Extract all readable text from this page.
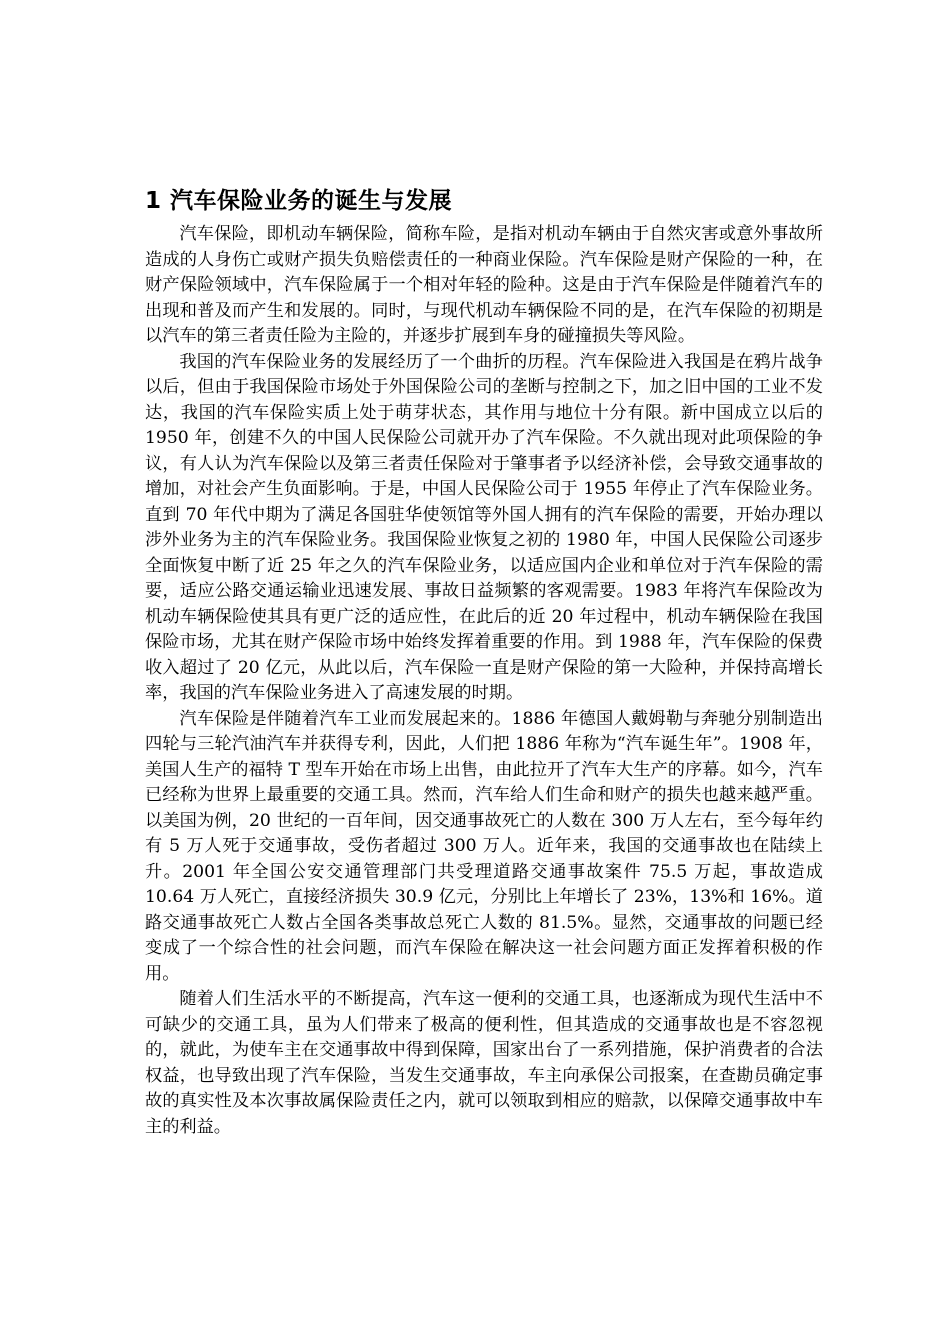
1 汽车保险业务的诞生与发展

汽车保险，即机动车辆保险，简称车险，是指对机动车辆由于自然灾害或意外事故所造成的人身伤亡或财产损失负赔偿责任的一种商业保险。汽车保险是财产保险的一种，在财产保险领域中，汽车保险属于一个相对年轻的险种。这是由于汽车保险是伴随着汽车的出现和普及而产生和发展的。同时，与现代机动车辆保险不同的是，在汽车保险的初期是以汽车的第三者责任险为主险的，并逐步扩展到车身的碰撞损失等风险。

我国的汽车保险业务的发展经历了一个曲折的历程。汽车保险进入我国是在鸦片战争以后，但由于我国保险市场处于外国保险公司的垄断与控制之下，加之旧中国的工业不发达，我国的汽车保险实质上处于萌芽状态，其作用与地位十分有限。新中国成立以后的 1950 年，创建不久的中国人民保险公司就开办了汽车保险。不久就出现对此项保险的争议，有人认为汽车保险以及第三者责任保险对于肇事者予以经济补偿，会导致交通事故的增加，对社会产生负面影响。于是，中国人民保险公司于 1955 年停止了汽车保险业务。直到 70 年代中期为了满足各国驻华使领馆等外国人拥有的汽车保险的需要，开始办理以涉外业务为主的汽车保险业务。我国保险业恢复之初的 1980 年，中国人民保险公司逐步全面恢复中断了近 25 年之久的汽车保险业务，以适应国内企业和单位对于汽车保险的需要，适应公路交通运输业迅速发展、事故日益频繁的客观需要。1983 年将汽车保险改为机动车辆保险使其具有更广泛的适应性，在此后的近 20 年过程中，机动车辆保险在我国保险市场，尤其在财产保险市场中始终发挥着重要的作用。到 1988 年，汽车保险的保费收入超过了 20 亿元，从此以后，汽车保险一直是财产保险的第一大险种，并保持高增长率，我国的汽车保险业务进入了高速发展的时期。

汽车保险是伴随着汽车工业而发展起来的。1886 年德国人戴姆勒与奔驰分别制造出四轮与三轮汽油汽车并获得专利，因此，人们把 1886 年称为“汽车诞生年”。1908 年，美国人生产的福特 T 型车开始在市场上出售，由此拉开了汽车大生产的序幕。如今，汽车已经称为世界上最重要的交通工具。然而，汽车给人们生命和财产的损失也越来越严重。以美国为例，20 世纪的一百年间，因交通事故死亡的人数在 300 万人左右，至今每年约有 5 万人死于交通事故，受伤者超过 300 万人。近年来，我国的交通事故也在陆续上升。2001 年全国公安交通管理部门共受理道路交通事故案件 75.5 万起，事故造成 10.64 万人死亡，直接经济损失 30.9 亿元，分别比上年增长了 23%，13%和 16%。道路交通事故死亡人数占全国各类事故总死亡人数的 81.5%。显然，交通事故的问题已经变成了一个综合性的社会问题，而汽车保险在解决这一社会问题方面正发挥着积极的作用。

随着人们生活水平的不断提高，汽车这一便利的交通工具，也逐渐成为现代生活中不可缺少的交通工具，虽为人们带来了极高的便利性，但其造成的交通事故也是不容忽视的，就此，为使车主在交通事故中得到保障，国家出台了一系列措施，保护消费者的合法权益，也导致出现了汽车保险，当发生交通事故，车主向承保公司报案，在查勘员确定事故的真实性及本次事故属保险责任之内，就可以领取到相应的赔款，以保障交通事故中车主的利益。
